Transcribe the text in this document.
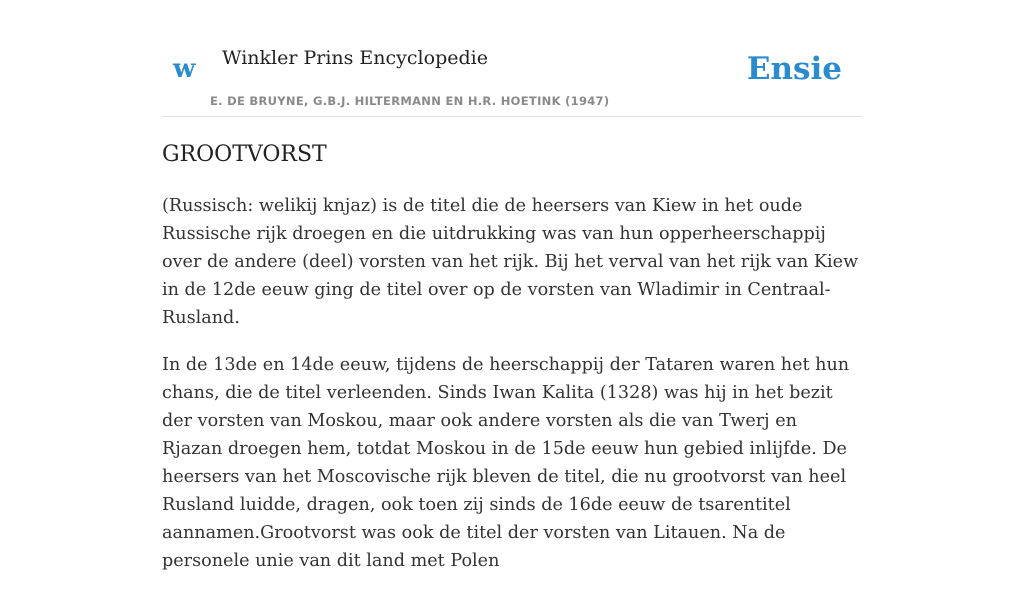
w Winkler Prins Encyclopedie
E. DE BRUYNE, G.B.J. HILTERMANN EN H.R. HOETINK (1947)
Ensie
GROOTVORST

(Russisch: welikij knjaz) is de titel die de heersers van Kiew in het oude Russische rijk droegen en die uitdrukking was van hun opperheerschappij over de andere (deel) vorsten van het rijk. Bij het verval van het rijk van Kiew in de 12de eeuw ging de titel over op de vorsten van Wladimir in Centraal-Rusland.

In de 13de en 14de eeuw, tijdens de heerschappij der Tataren waren het hun chans, die de titel verleenden. Sinds Iwan Kalita (1328) was hij in het bezit der vorsten van Moskou, maar ook andere vorsten als die van Twerj en Rjazan droegen hem, totdat Moskou in de 15de eeuw hun gebied inlijfde. De heersers van het Moscovische rijk bleven de titel, die nu grootvorst van heel Rusland luidde, dragen, ook toen zij sinds de 16de eeuw de tsarentitel aannamen.Grootvorst was ook de titel der vorsten van Litauen. Na de personele unie van dit land met Polen
